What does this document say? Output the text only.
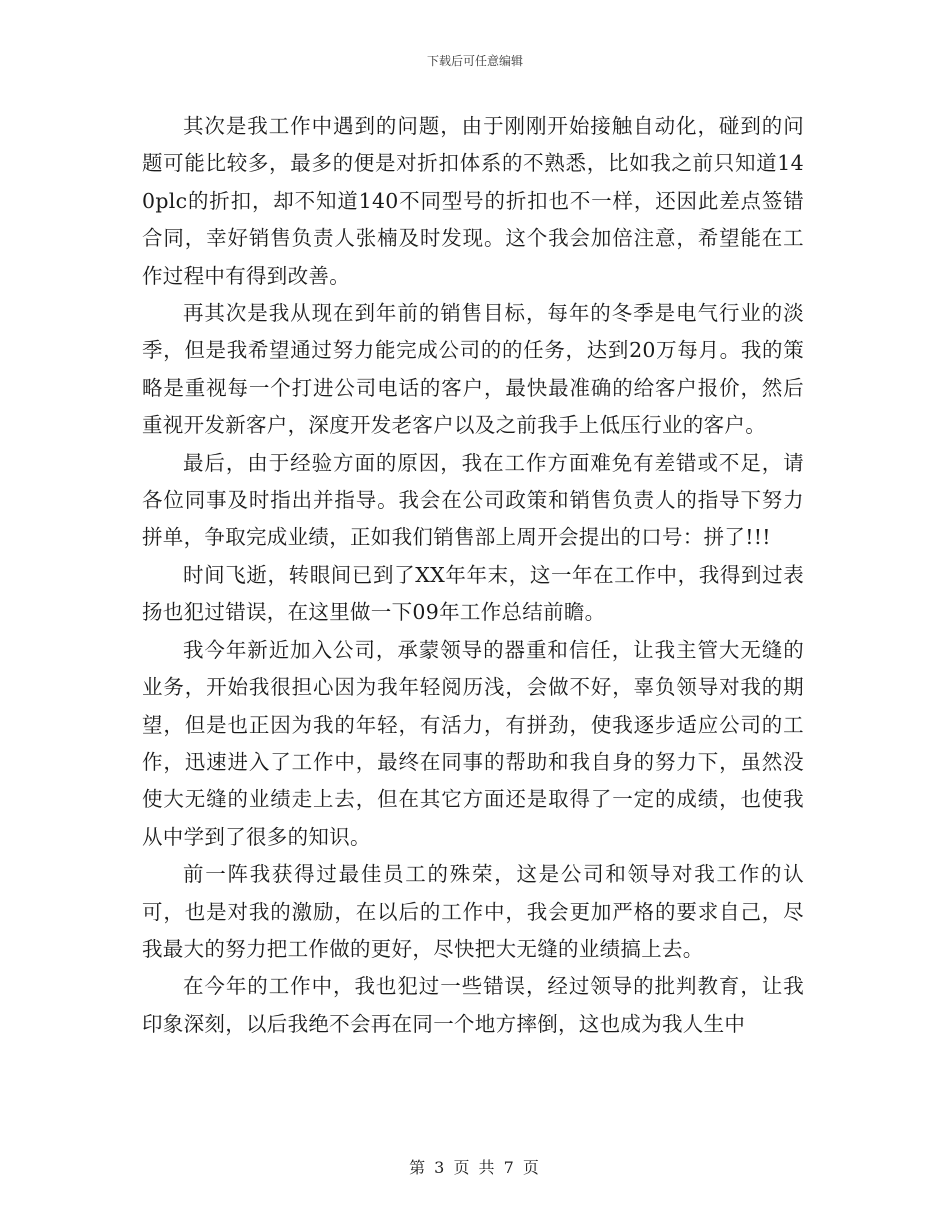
下载后可任意编辑

其次是我工作中遇到的问题，由于刚刚开始接触自动化，碰到的问题可能比较多，最多的便是对折扣体系的不熟悉，比如我之前只知道140plc的折扣，却不知道140不同型号的折扣也不一样，还因此差点签错合同，幸好销售负责人张楠及时发现。这个我会加倍注意，希望能在工作过程中有得到改善。

再其次是我从现在到年前的销售目标，每年的冬季是电气行业的淡季，但是我希望通过努力能完成公司的的任务，达到20万每月。我的策略是重视每一个打进公司电话的客户，最快最准确的给客户报价，然后重视开发新客户，深度开发老客户以及之前我手上低压行业的客户。

最后，由于经验方面的原因，我在工作方面难免有差错或不足，请各位同事及时指出并指导。我会在公司政策和销售负责人的指导下努力拼单，争取完成业绩，正如我们销售部上周开会提出的口号：拼了!!!

时间飞逝，转眼间已到了XX年年末，这一年在工作中，我得到过表扬也犯过错误，在这里做一下09年工作总结前瞻。

我今年新近加入公司，承蒙领导的器重和信任，让我主管大无缝的业务，开始我很担心因为我年轻阅历浅，会做不好，辜负领导对我的期望，但是也正因为我的年轻，有活力，有拼劲，使我逐步适应公司的工作，迅速进入了工作中，最终在同事的帮助和我自身的努力下，虽然没使大无缝的业绩走上去，但在其它方面还是取得了一定的成绩，也使我从中学到了很多的知识。

前一阵我获得过最佳员工的殊荣，这是公司和领导对我工作的认可，也是对我的激励，在以后的工作中，我会更加严格的要求自己，尽我最大的努力把工作做的更好，尽快把大无缝的业绩搞上去。

在今年的工作中，我也犯过一些错误，经过领导的批判教育，让我印象深刻，以后我绝不会再在同一个地方摔倒，这也成为我人生中

第 3 页 共 7 页
